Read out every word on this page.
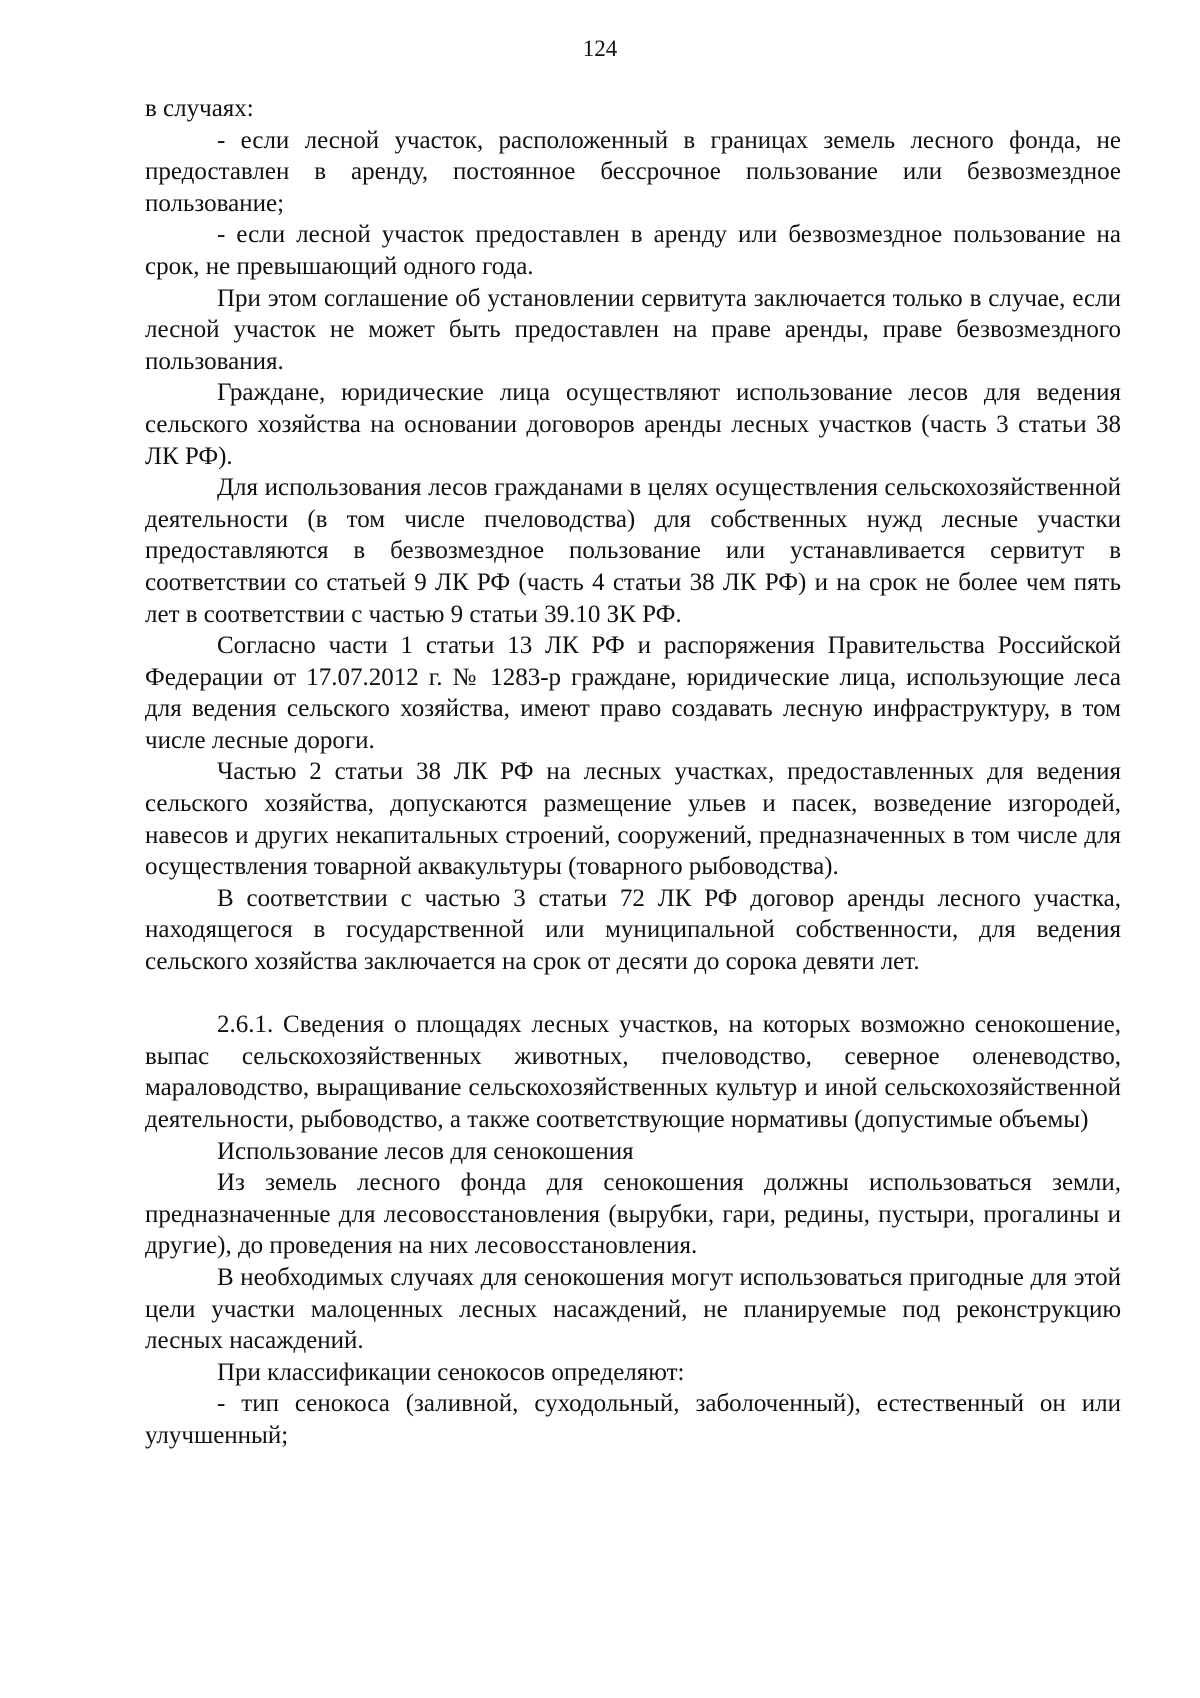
124

в случаях:

- если лесной участок, расположенный в границах земель лесного фонда, не предоставлен в аренду, постоянное бессрочное пользование или безвозмездное пользование;

- если лесной участок предоставлен в аренду или безвозмездное пользование на срок, не превышающий одного года.

При этом соглашение об установлении сервитута заключается только в случае, если лесной участок не может быть предоставлен на праве аренды, праве безвозмездного пользования.

Граждане, юридические лица осуществляют использование лесов для ведения сельского хозяйства на основании договоров аренды лесных участков (часть 3 статьи 38 ЛК РФ).

Для использования лесов гражданами в целях осуществления сельскохозяйственной деятельности (в том числе пчеловодства) для собственных нужд лесные участки предоставляются в безвозмездное пользование или устанавливается сервитут в соответствии со статьей 9 ЛК РФ (часть 4 статьи 38 ЛК РФ) и на срок не более чем пять лет в соответствии с частью 9 статьи 39.10 ЗК РФ.

Согласно части 1 статьи 13 ЛК РФ и распоряжения Правительства Российской Федерации от 17.07.2012 г. № 1283-р граждане, юридические лица, использующие леса для ведения сельского хозяйства, имеют право создавать лесную инфраструктуру, в том числе лесные дороги.

Частью 2 статьи 38 ЛК РФ на лесных участках, предоставленных для ведения сельского хозяйства, допускаются размещение ульев и пасек, возведение изгородей, навесов и других некапитальных строений, сооружений, предназначенных в том числе для осуществления товарной аквакультуры (товарного рыбоводства).

В соответствии с частью 3 статьи 72 ЛК РФ договор аренды лесного участка, находящегося в государственной или муниципальной собственности, для ведения сельского хозяйства заключается на срок от десяти до сорока девяти лет.

2.6.1. Сведения о площадях лесных участков, на которых возможно сенокошение, выпас сельскохозяйственных животных, пчеловодство, северное оленеводство, мараловодство, выращивание сельскохозяйственных культур и иной сельскохозяйственной деятельности, рыбоводство, а также соответствующие нормативы (допустимые объемы)

Использование лесов для сенокошения

Из земель лесного фонда для сенокошения должны использоваться земли, предназначенные для лесовосстановления (вырубки, гари, редины, пустыри, прогалины и другие), до проведения на них лесовосстановления.

В необходимых случаях для сенокошения могут использоваться пригодные для этой цели участки малоценных лесных насаждений, не планируемые под реконструкцию лесных насаждений.

При классификации сенокосов определяют:

- тип сенокоса (заливной, суходольный, заболоченный), естественный он или улучшенный;
